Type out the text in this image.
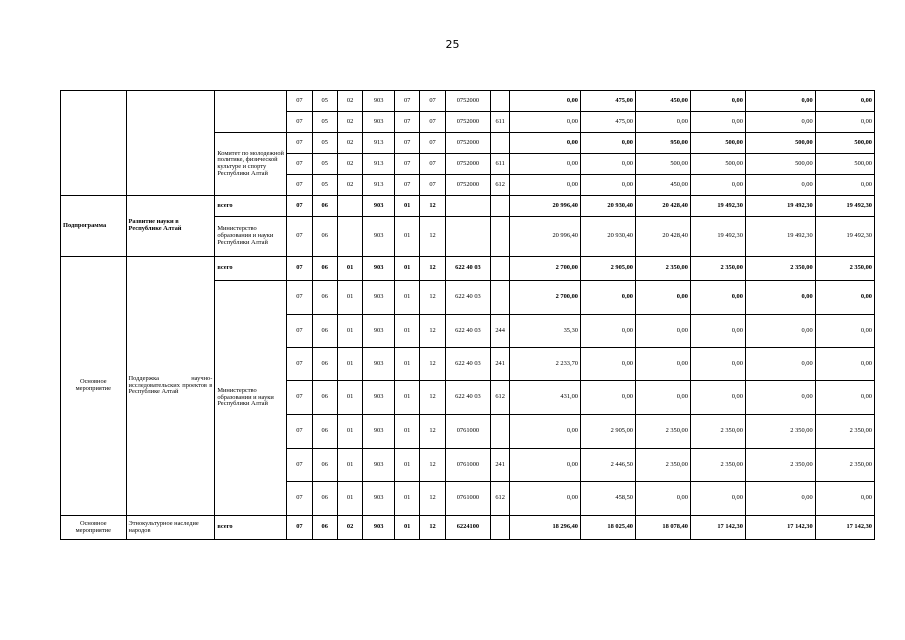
25
			07	05	02	903	07	07	0752000		0,00	475,00	450,00	0,00	0,00	0,00
			07	05	02	903	07	07	0752000	611	0,00	475,00	0,00	0,00	0,00	0,00
		Комитет по молодежной политике, физической культуре и спорту Республики Алтай	07	05	02	913	07	07	0752000		0,00	0,00	950,00	500,00	500,00	500,00
			07	05	02	913	07	07	0752000	611	0,00	0,00	500,00	500,00	500,00	500,00
			07	05	02	913	07	07	0752000	612	0,00	0,00	450,00	0,00	0,00	0,00
Подпрограмма	Развитие науки в Республике Алтай	всего	07	06		903	01	12			20 996,40	20 930,40	20 428,40	19 492,30	19 492,30	19 492,30
		Министерство образования и науки Республики Алтай	07	06		903	01	12			20 996,40	20 930,40	20 428,40	19 492,30	19 492,30	19 492,30
Основное мероприятие	Поддержка научно-исследовательских проектов в Республике Алтай	всего	07	06	01	903	01	12	622 40 03		2 700,00	2 905,00	2 350,00	2 350,00	2 350,00	2 350,00
		Министерство образовании и науки Республики Алтай	07	06	01	903	01	12	622 40 03		2 700,00	0,00	0,00	0,00	0,00	0,00
			07	06	01	903	01	12	622 40 03	244	35,30	0,00	0,00	0,00	0,00	0,00
			07	06	01	903	01	12	622 40 03	241	2 233,70	0,00	0,00	0,00	0,00	0,00
			07	06	01	903	01	12	622 40 03	612	431,00	0,00	0,00	0,00	0,00	0,00
			07	06	01	903	01	12	0761000		0,00	2 905,00	2 350,00	2 350,00	2 350,00	2 350,00
			07	06	01	903	01	12	0761000	241	0,00	2 446,50	2 350,00	2 350,00	2 350,00	2 350,00
			07	06	01	903	01	12	0761000	612	0,00	458,50	0,00	0,00	0,00	0,00
Основное мероприятие	Этнокультурное наследие народов	всего	07	06	02	903	01	12	6224100		18 296,40	18 025,40	18 078,40	17 142,30	17 142,30	17 142,30
